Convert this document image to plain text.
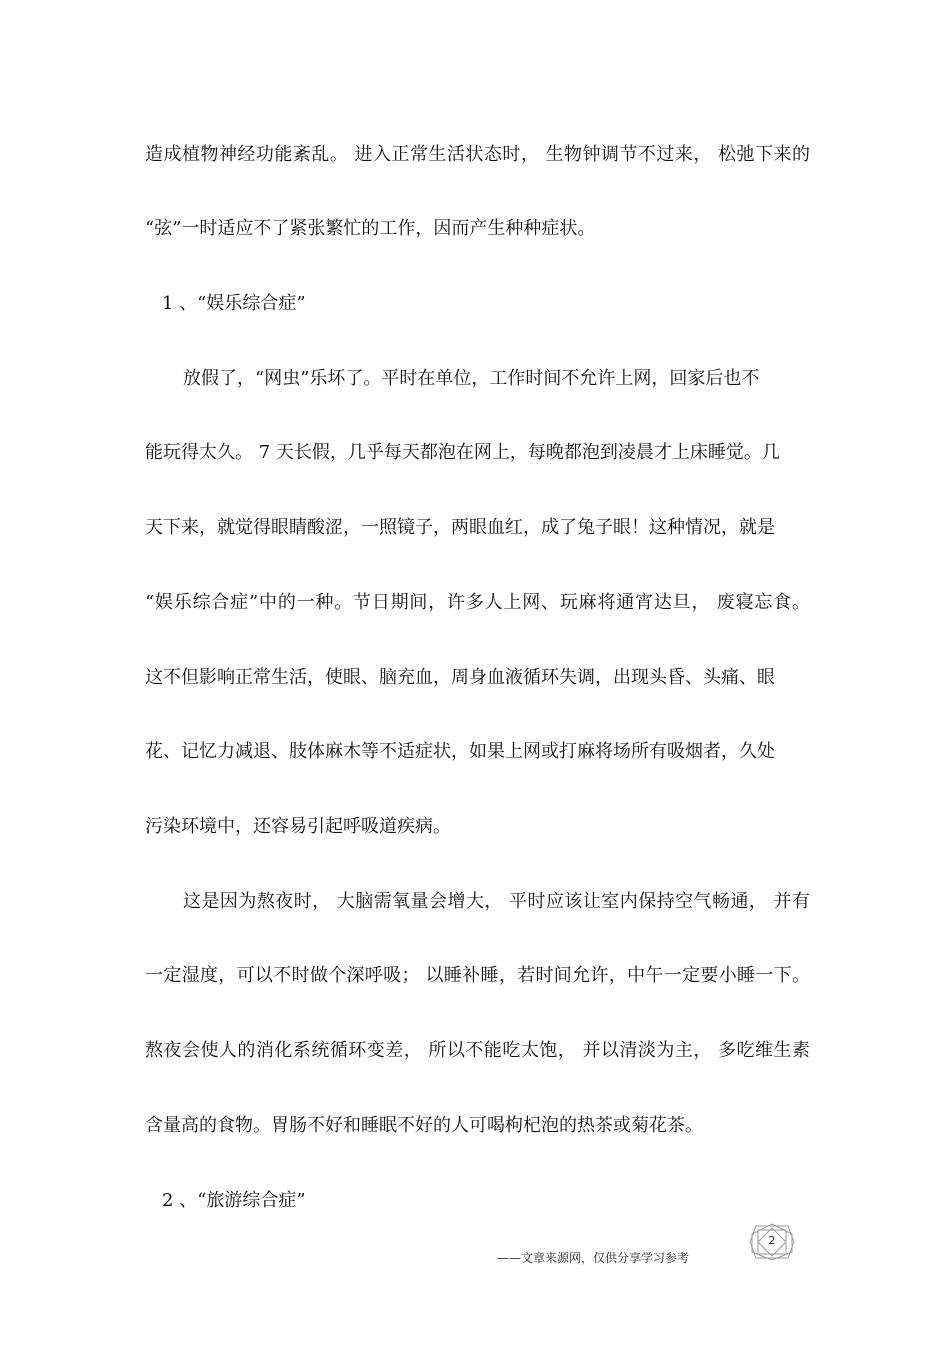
造成植物神经功能紊乱。 进入正常生活状态时， 生物钟调节不过来， 松弛下来的
“弦”一时适应不了紧张繁忙的工作，因而产生种种症状。
1 、“娱乐综合症”
放假了，“网虫”乐坏了。平时在单位，工作时间不允许上网，回家后也不
能玩得太久。 7 天长假，几乎每天都泡在网上，每晚都泡到凌晨才上床睡觉。几
天下来，就觉得眼睛酸涩，一照镜子，两眼血红，成了兔子眼！这种情况，就是
“娱乐综合症”中的一种。节日期间，许多人上网、玩麻将通宵达旦， 废寝忘食。
这不但影响正常生活，使眼、脑充血，周身血液循环失调，出现头昏、头痛、眼
花、记忆力减退、肢体麻木等不适症状，如果上网或打麻将场所有吸烟者，久处
污染环境中，还容易引起呼吸道疾病。
这是因为熬夜时， 大脑需氧量会增大， 平时应该让室内保持空气畅通， 并有
一定湿度，可以不时做个深呼吸； 以睡补睡，若时间允许，中午一定要小睡一下。
熬夜会使人的消化系统循环变差， 所以不能吃太饱， 并以清淡为主， 多吃维生素
含量高的食物。胃肠不好和睡眠不好的人可喝枸杞泡的热茶或菊花茶。
2 、“旅游综合症”
——文章来源网，仅供分享学习参考
2
